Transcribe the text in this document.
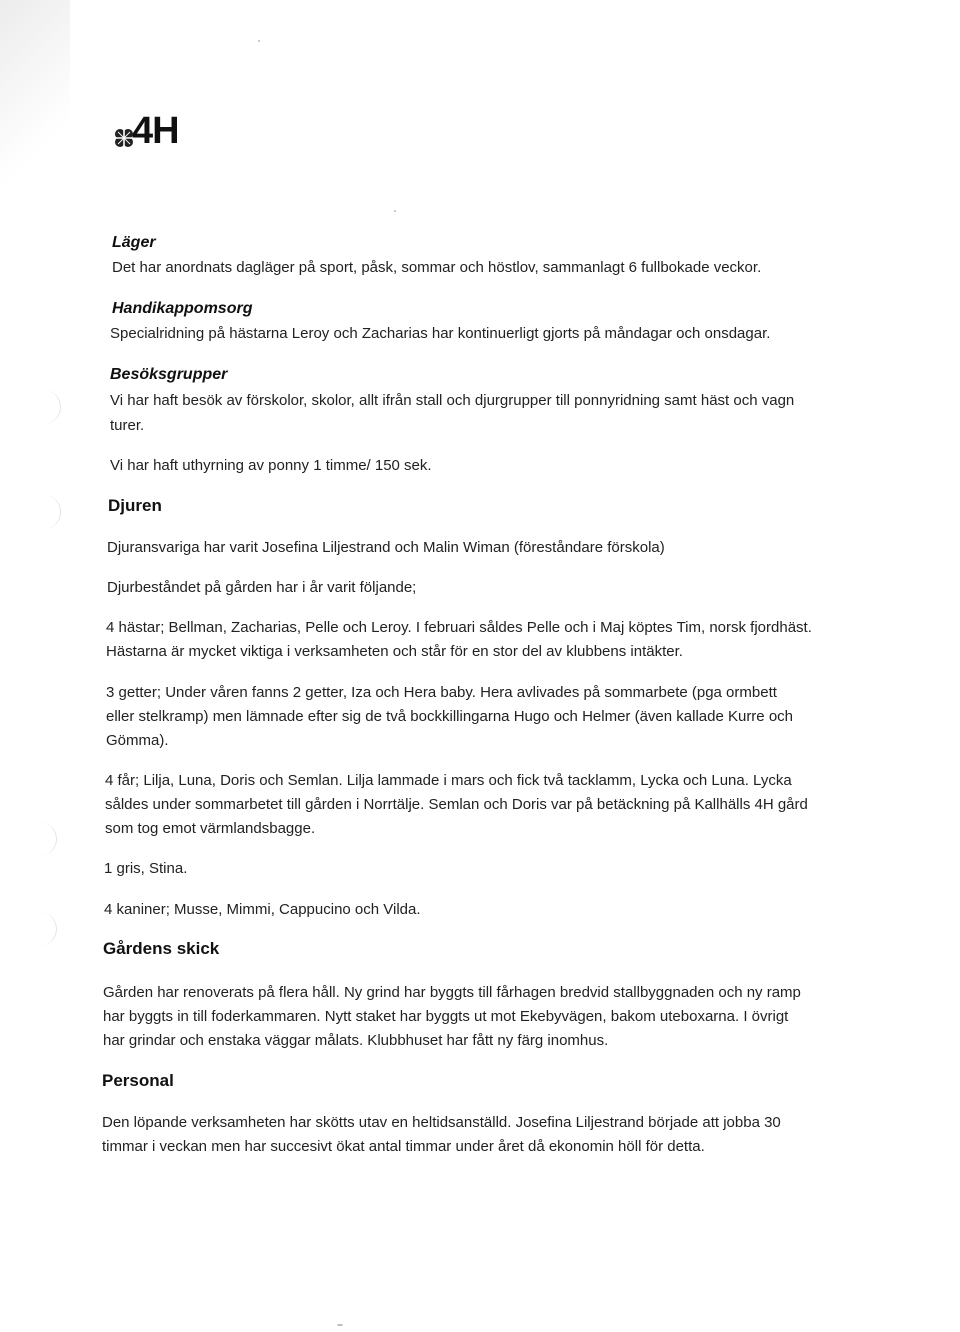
4H
Läger
Det har anordnats dagläger på sport, påsk, sommar och höstlov, sammanlagt 6 fullbokade veckor.
Handikappomsorg
Specialridning på hästarna Leroy och Zacharias har kontinuerligt gjorts på måndagar och onsdagar.
Besöksgrupper
Vi har haft besök av förskolor, skolor, allt ifrån stall och djurgrupper till ponnyridning samt häst och vagn
turer.
Vi har haft uthyrning av ponny 1 timme/ 150 sek.
Djuren
Djuransvariga har varit Josefina Liljestrand och Malin Wiman (föreståndare förskola)
Djurbeståndet på gården har i år varit följande;
4 hästar; Bellman, Zacharias, Pelle och Leroy. I februari såldes Pelle och i Maj köptes Tim, norsk fjordhäst.
Hästarna är mycket viktiga i verksamheten och står för en stor del av klubbens intäkter.
3 getter; Under våren fanns 2 getter, Iza och Hera baby. Hera avlivades på sommarbete (pga ormbett
eller stelkramp) men lämnade efter sig de två bockkillingarna Hugo och Helmer (även kallade Kurre och
Gömma).
4 får; Lilja, Luna, Doris och Semlan. Lilja lammade i mars och fick två tacklamm, Lycka och Luna. Lycka
såldes under sommarbetet till gården i Norrtälje. Semlan och Doris var på betäckning på Kallhälls 4H gård
som tog emot värmlandsbagge.
1 gris, Stina.
4 kaniner; Musse, Mimmi, Cappucino och Vilda.
Gårdens skick
Gården har renoverats på flera håll. Ny grind har byggts till fårhagen bredvid stallbyggnaden och ny ramp
har byggts in till foderkammaren. Nytt staket har byggts ut mot Ekebyvägen, bakom uteboxarna. I övrigt
har grindar och enstaka väggar målats. Klubbhuset har fått ny färg inomhus.
Personal
Den löpande verksamheten har skötts utav en heltidsanställd. Josefina Liljestrand började att jobba 30
timmar i veckan men har succesivt ökat antal timmar under året då ekonomin höll för detta.
